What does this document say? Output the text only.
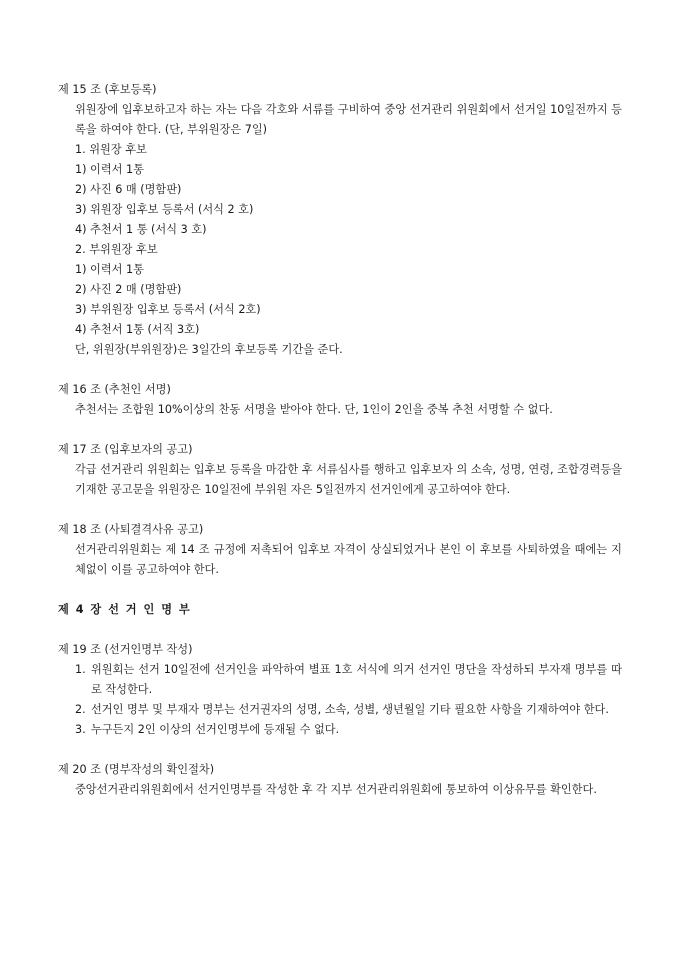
제 15 조 (후보등록)
위원장에 입후보하고자 하는 자는 다음 각호와 서류를 구비하여 중앙 선거관리 위원회에서 선거일 10일전까지 등록을 하여야 한다. (단, 부위원장은 7일)
1. 위원장 후보
1) 이력서 1통
2) 사진 6 매 (명함판)
3) 위원장 입후보 등록서 (서식 2 호)
4) 추천서 1 통 (서식 3 호)
2. 부위원장 후보
1) 이력서 1통
2) 사진 2 매 (명함판)
3) 부위원장 입후보 등록서 (서식 2호)
4) 추천서 1통 (서직 3호)
단, 위원장(부위원장)은 3일간의 후보등록 기간을 준다.
제 16 조 (추천인 서명)
추천서는 조합원 10%이상의 찬동 서명을 받아야 한다. 단, 1인이 2인을 중복 추천 서명할 수 없다.
제 17 조 (입후보자의 공고)
각급 선거관리 위원회는 입후보 등록을 마감한 후 서류심사를 행하고 입후보자 의 소속, 성명, 연령, 조합경력등을 기재한 공고문을 위원장은 10일전에 부위원 자은 5일전까지 선거인에게 공고하여야 한다.
제 18 조 (사퇴결격사유 공고)
선거관리위원회는 제 14 조 규정에 저촉되어 입후보 자격이 상실되었거나 본인 이 후보를 사퇴하였을 때에는 지체없이 이를 공고하여야 한다.
제 4 장 선 거 인 명 부
제 19 조 (선거인명부 작성)
1. 위원회는 선거 10일전에 선거인을 파악하여 별표 1호 서식에 의거 선거인 명단을 작성하되 부자재 명부를 따로 작성한다.
2. 선거인 명부 및 부재자 명부는 선거권자의 성명, 소속, 성별, 생년월일 기타 필요한 사항을 기재하여야 한다.
3. 누구든지 2인 이상의 선거인명부에 등재될 수 없다.
제 20 조 (명부작성의 확인절차)
중앙선거관리위원회에서 선거인명부를 작성한 후 각 지부 선거관리위원회에 통보하여 이상유무를 확인한다.
